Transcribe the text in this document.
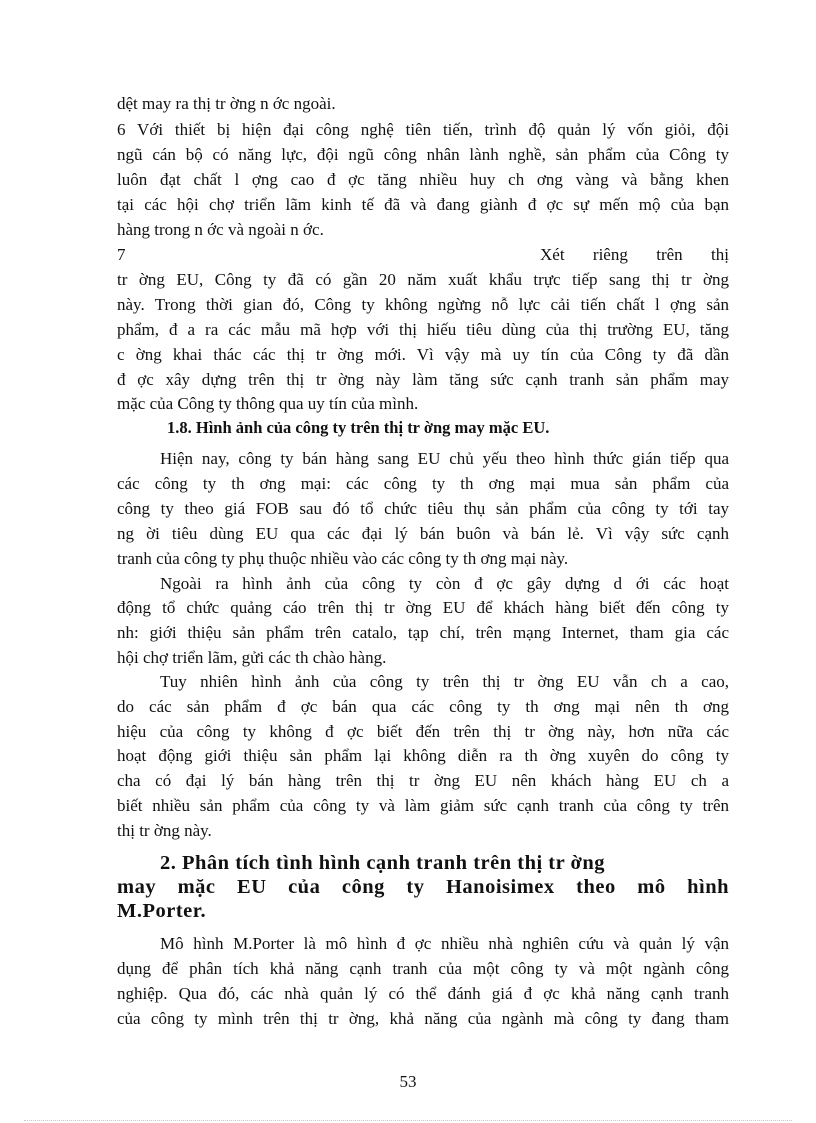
dệt may ra thị tr ờng n ớc ngoài.

6 Với thiết bị hiện đại công nghệ tiên tiến, trình độ quản lý vốn giỏi, đội

ngũ cán bộ có năng lực, đội ngũ công nhân lành nghề, sản phẩm của Công ty

luôn đạt chất l ợng cao đ ợc tăng nhiều huy ch ơng vàng và bằng khen

tại các hội chợ triển lãm kinh tế đã và đang giành đ ợc sự mến mộ của bạn

hàng trong n ớc và ngoài n ớc.

7	Xét riêng trên thị

tr ờng EU, Công ty đã có gần 20 năm xuất khẩu trực tiếp sang thị tr ờng

này. Trong thời gian đó, Công ty không ngừng nỗ lực cải tiến chất l ợng sản

phẩm, đ a ra các mẫu mã hợp với thị hiếu tiêu dùng của thị trường EU, tăng

c ờng khai thác các thị tr ờng mới. Vì vậy mà uy tín của Công ty đã dần

đ ợc xây dựng trên thị tr ờng này làm tăng sức cạnh tranh sản phẩm may

mặc của Công ty thông qua uy tín của mình.

1.8. Hình ảnh của công ty trên thị tr ờng may mặc EU.

Hiện nay, công ty bán hàng sang EU chủ yếu theo hình thức gián tiếp qua

các công ty th ơng mại: các công ty th ơng mại mua sản phẩm của

công ty theo giá FOB sau đó tổ chức tiêu thụ sản phẩm của công ty tới tay

ng ời tiêu dùng EU qua các đại lý bán buôn và bán lẻ. Vì vậy sức cạnh

tranh của công ty phụ thuộc nhiều vào các công ty th ơng mại này.

Ngoài ra hình ảnh của công ty còn đ ợc gây dựng d ới các hoạt

động tổ chức quảng cáo trên thị tr ờng EU để khách hàng biết đến công ty

nh: giới thiệu sản phẩm trên catalo, tạp chí, trên mạng Internet, tham gia các

hội chợ triển lãm, gửi các th chào hàng.

Tuy nhiên hình ảnh của công ty trên thị tr ờng EU vẫn ch a cao,

do các sản phẩm đ ợc bán qua các công ty th ơng mại nên th ơng

hiệu của công ty không đ ợc biết đến trên thị tr ờng này, hơn nữa các

hoạt động giới thiệu sản phẩm lại không diễn ra th ờng xuyên do công ty

cha có đại lý bán hàng trên thị tr ờng EU nên khách hàng EU ch a

biết nhiều sản phẩm của công ty và làm giảm sức cạnh tranh của công ty trên

thị tr ờng này.

2. Phân tích tình hình cạnh tranh trên thị tr ờng

may mặc EU của công ty Hanoisimex theo mô hình

M.Porter.

Mô hình M.Porter là mô hình đ ợc nhiều nhà nghiên cứu và quản lý vận

dụng để phân tích khả năng cạnh tranh của một công ty và một ngành công

nghiệp. Qua đó, các nhà quản lý có thể đánh giá đ ợc khả năng cạnh tranh

của công ty mình trên thị tr ờng, khả năng của ngành mà công ty đang tham

53
